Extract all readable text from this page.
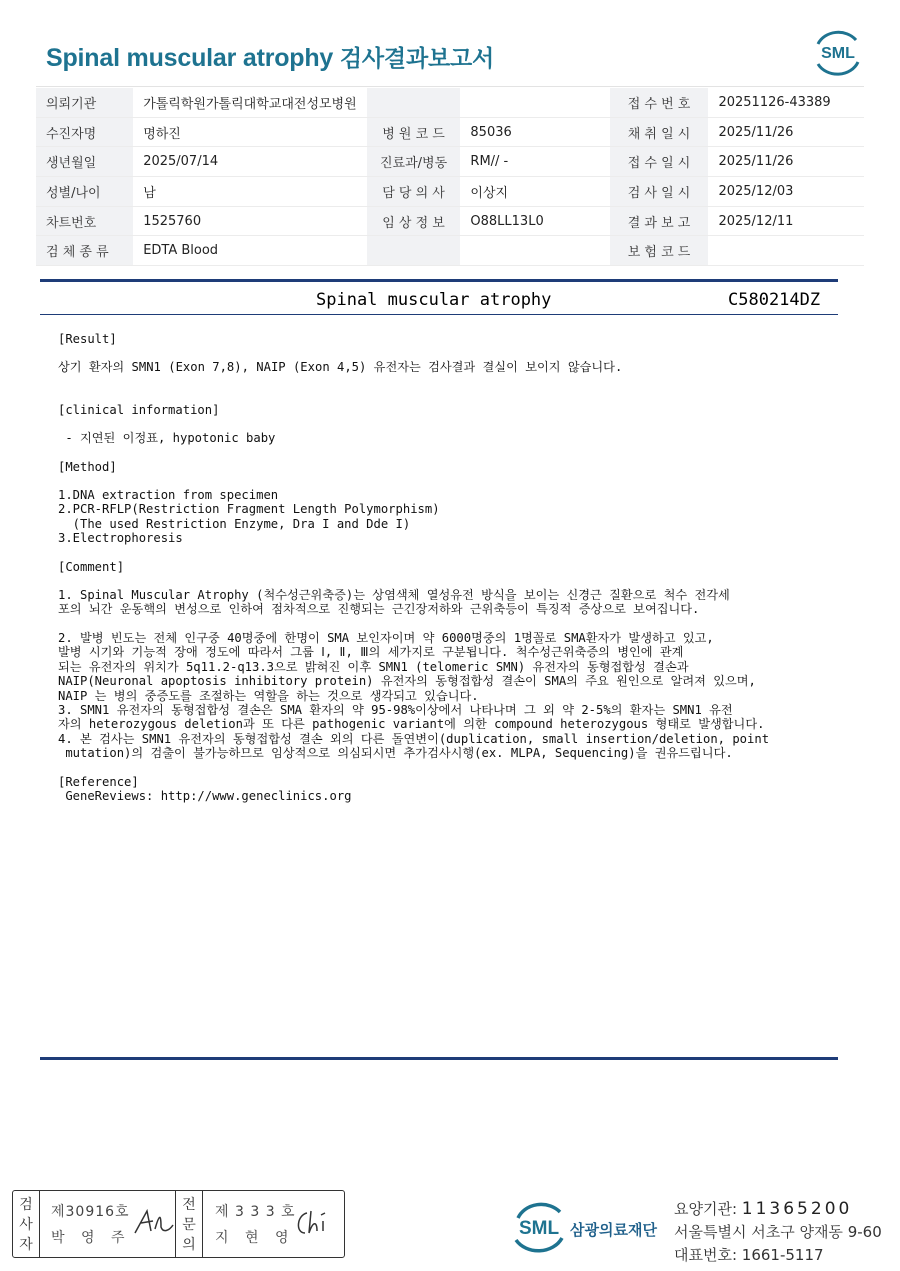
Spinal muscular atrophy 검사결과보고서	SML
의뢰기관	가톨릭학원가톨릭대학교대전성모병원			접 수 번 호	20251126-43389
수진자명	명하진	병 원 코 드	85036	채 취 일 시	2025/11/26
생년월일	2025/07/14	진료과/병동	RM// -	접 수 일 시	2025/11/26
성별/나이	남	담 당 의 사	이상지	검 사 일 시	2025/12/03
차트번호	1525760	임 상 정 보	O88LL13L0	결 과 보 고	2025/12/11
검 체 종 류	EDTA Blood			보 험 코 드	
Spinal muscular atrophy	C580214DZ
[Result]
상기 환자의 SMN1 (Exon 7,8), NAIP (Exon 4,5) 유전자는 검사결과 결실이 보이지 않습니다.
[clinical information]
- 지연된 이정표, hypotonic baby
[Method]
1.DNA extraction from specimen
2.PCR-RFLP(Restriction Fragment Length Polymorphism)
(The used Restriction Enzyme, Dra I and Dde I)
3.Electrophoresis
[Comment]
1. Spinal Muscular Atrophy (척수성근위축증)는 상염색체 열성유전 방식을 보이는 신경근 질환으로 척수 전각세
포의 뇌간 운동핵의 변성으로 인하여 점차적으로 진행되는 근긴장저하와 근위축등이 특징적 증상으로 보여집니다.
2. 발병 빈도는 전체 인구중 40명중에 한명이 SMA 보인자이며 약 6000명중의 1명꼴로 SMA환자가 발생하고 있고,
발병 시기와 기능적 장애 정도에 따라서 그룹 Ⅰ, Ⅱ, Ⅲ의 세가지로 구분됩니다. 척수성근위축증의 병인에 관계
되는 유전자의 위치가 5q11.2-q13.3으로 밝혀진 이후 SMN1 (telomeric SMN) 유전자의 동형접합성 결손과
NAIP(Neuronal apoptosis inhibitory protein) 유전자의 동형접합성 결손이 SMA의 주요 원인으로 알려져 있으며,
NAIP 는 병의 중증도를 조절하는 역할을 하는 것으로 생각되고 있습니다.
3. SMN1 유전자의 동형접합성 결손은 SMA 환자의 약 95-98%이상에서 나타나며 그 외 약 2-5%의 환자는 SMN1 유전
자의 heterozygous deletion과 또 다른 pathogenic variant에 의한 compound heterozygous 형태로 발생합니다.
4. 본 검사는 SMN1 유전자의 동형접합성 결손 외의 다른 돌연변이(duplication, small insertion/deletion, point
mutation)의 검출이 불가능하므로 임상적으로 의심되시면 추가검사시행(ex. MLPA, Sequencing)을 권유드립니다.
[Reference]
GeneReviews: http://www.geneclinics.org
검
사
자
제30916호
박 영 주
전
문
의
제 3 3 3 호
지 현 영	SML 삼광의료재단
요양기관: 11365200
서울특별시 서초구 양재동 9-60
대표번호: 1661-5117
